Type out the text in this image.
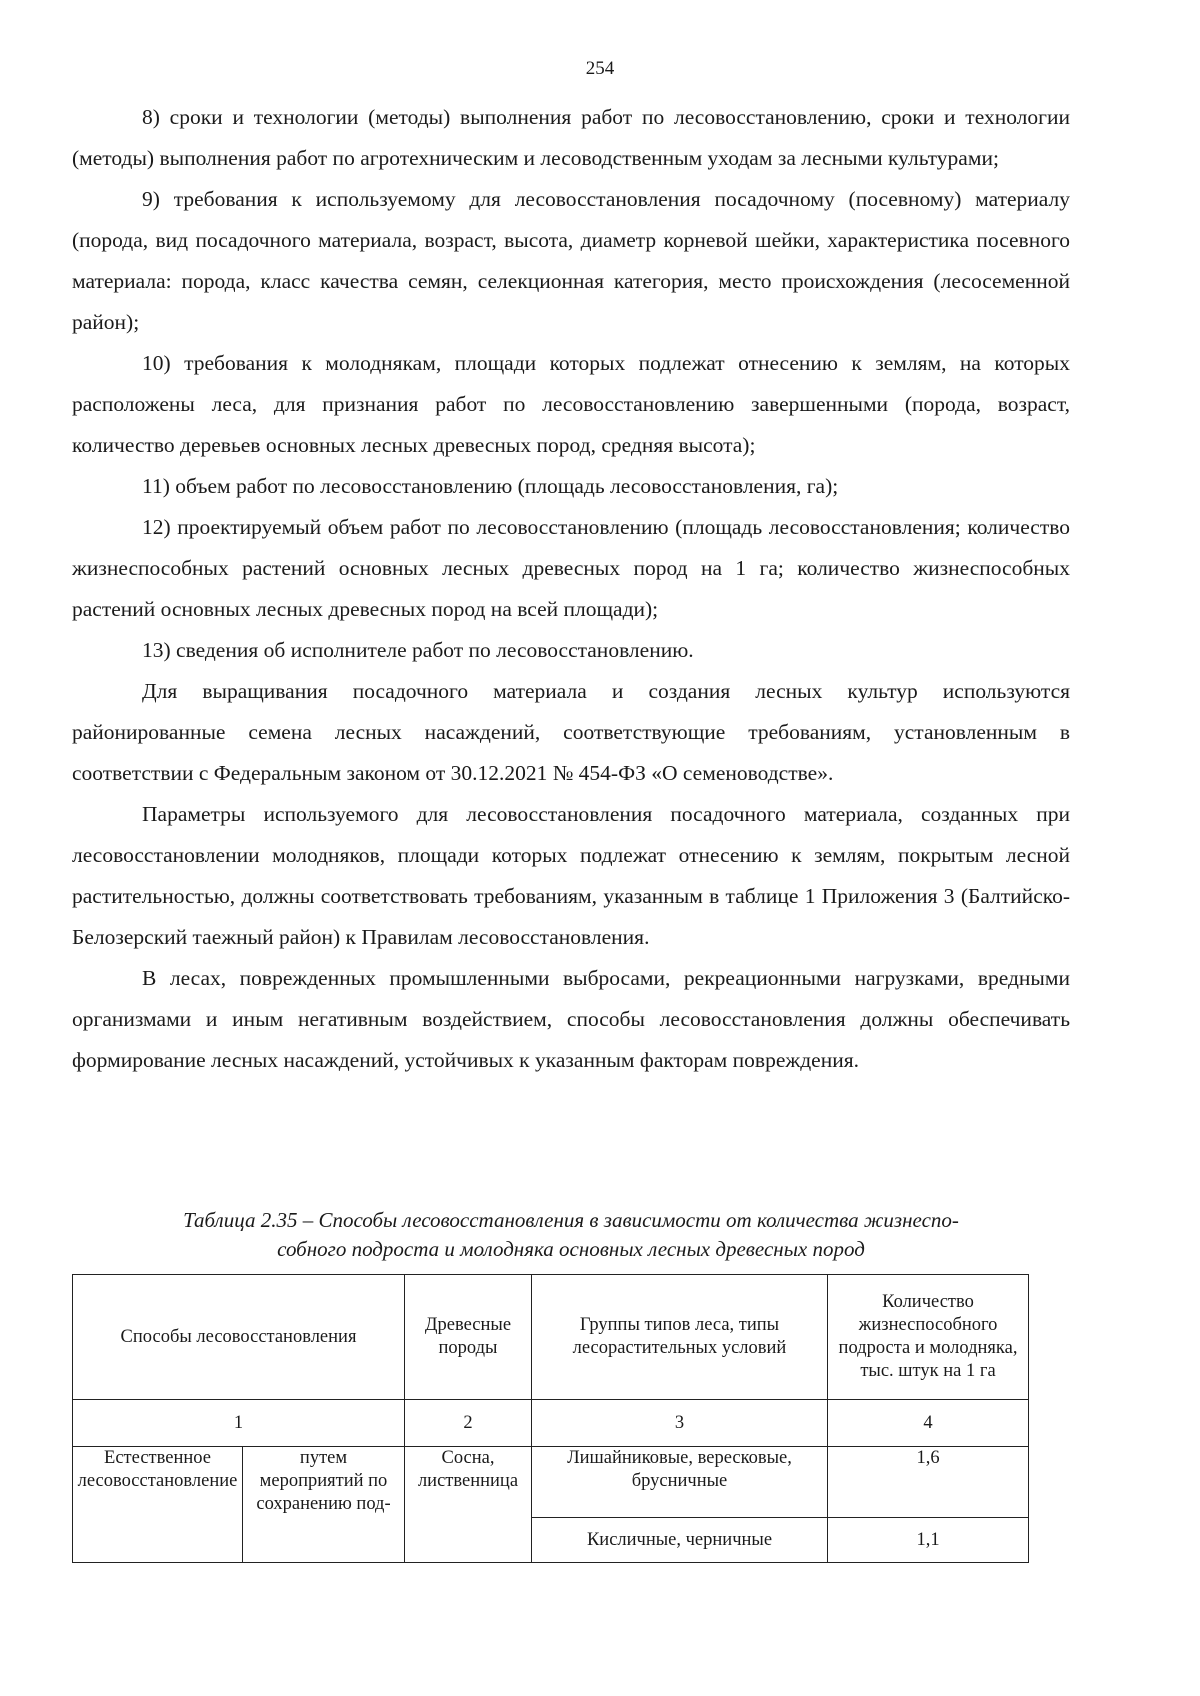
254

8) сроки и технологии (методы) выполнения работ по лесовосстановлению, сроки и технологии (методы) выполнения работ по агротехническим и лесоводственным уходам за лесными культурами;

9) требования к используемому для лесовосстановления посадочному (посевному) материалу (порода, вид посадочного материала, возраст, высота, диаметр корневой шейки, характеристика посевного материала: порода, класс качества семян, селекционная категория, место происхождения (лесосеменной район);

10) требования к молоднякам, площади которых подлежат отнесению к землям, на которых расположены леса, для признания работ по лесовосстановлению завершенными (порода, возраст, количество деревьев основных лесных древесных пород, средняя высота);

11) объем работ по лесовосстановлению (площадь лесовосстановления, га);

12) проектируемый объем работ по лесовосстановлению (площадь лесовосстановления; количество жизнеспособных растений основных лесных древесных пород на 1 га; количество жизнеспособных растений основных лесных древесных пород на всей площади);

13) сведения об исполнителе работ по лесовосстановлению.

Для выращивания посадочного материала и создания лесных культур используются районированные семена лесных насаждений, соответствующие требованиям, установленным в соответствии с Федеральным законом от 30.12.2021 № 454-ФЗ «О семеноводстве».

Параметры используемого для лесовосстановления посадочного материала, созданных при лесовосстановлении молодняков, площади которых подлежат отнесению к землям, покрытым лесной растительностью, должны соответствовать требованиям, указанным в таблице 1 Приложения 3 (Балтийско-Белозерский таежный район) к Правилам лесовосстановления.

В лесах, поврежденных промышленными выбросами, рекреационными нагрузками, вредными организмами и иным негативным воздействием, способы лесовосстановления должны обеспечивать формирование лесных насаждений, устойчивых к указанным факторам повреждения.

Таблица 2.35 – Способы лесовосстановления в зависимости от количества жизнеспо-
собного подроста и молодняка основных лесных древесных пород
Способы лесовосстановления		Древесные породы	Группы типов леса, типы лесорастительных условий	Количество жизнеспособного подроста и молодняка, тыс. штук на 1 га
1		2	3	4
Естественное лесовосстановление	путем мероприятий по сохранению под-	Сосна, лиственница	Лишайниковые, вересковые, брусничные	1,6
			Кисличные, черничные	1,1
